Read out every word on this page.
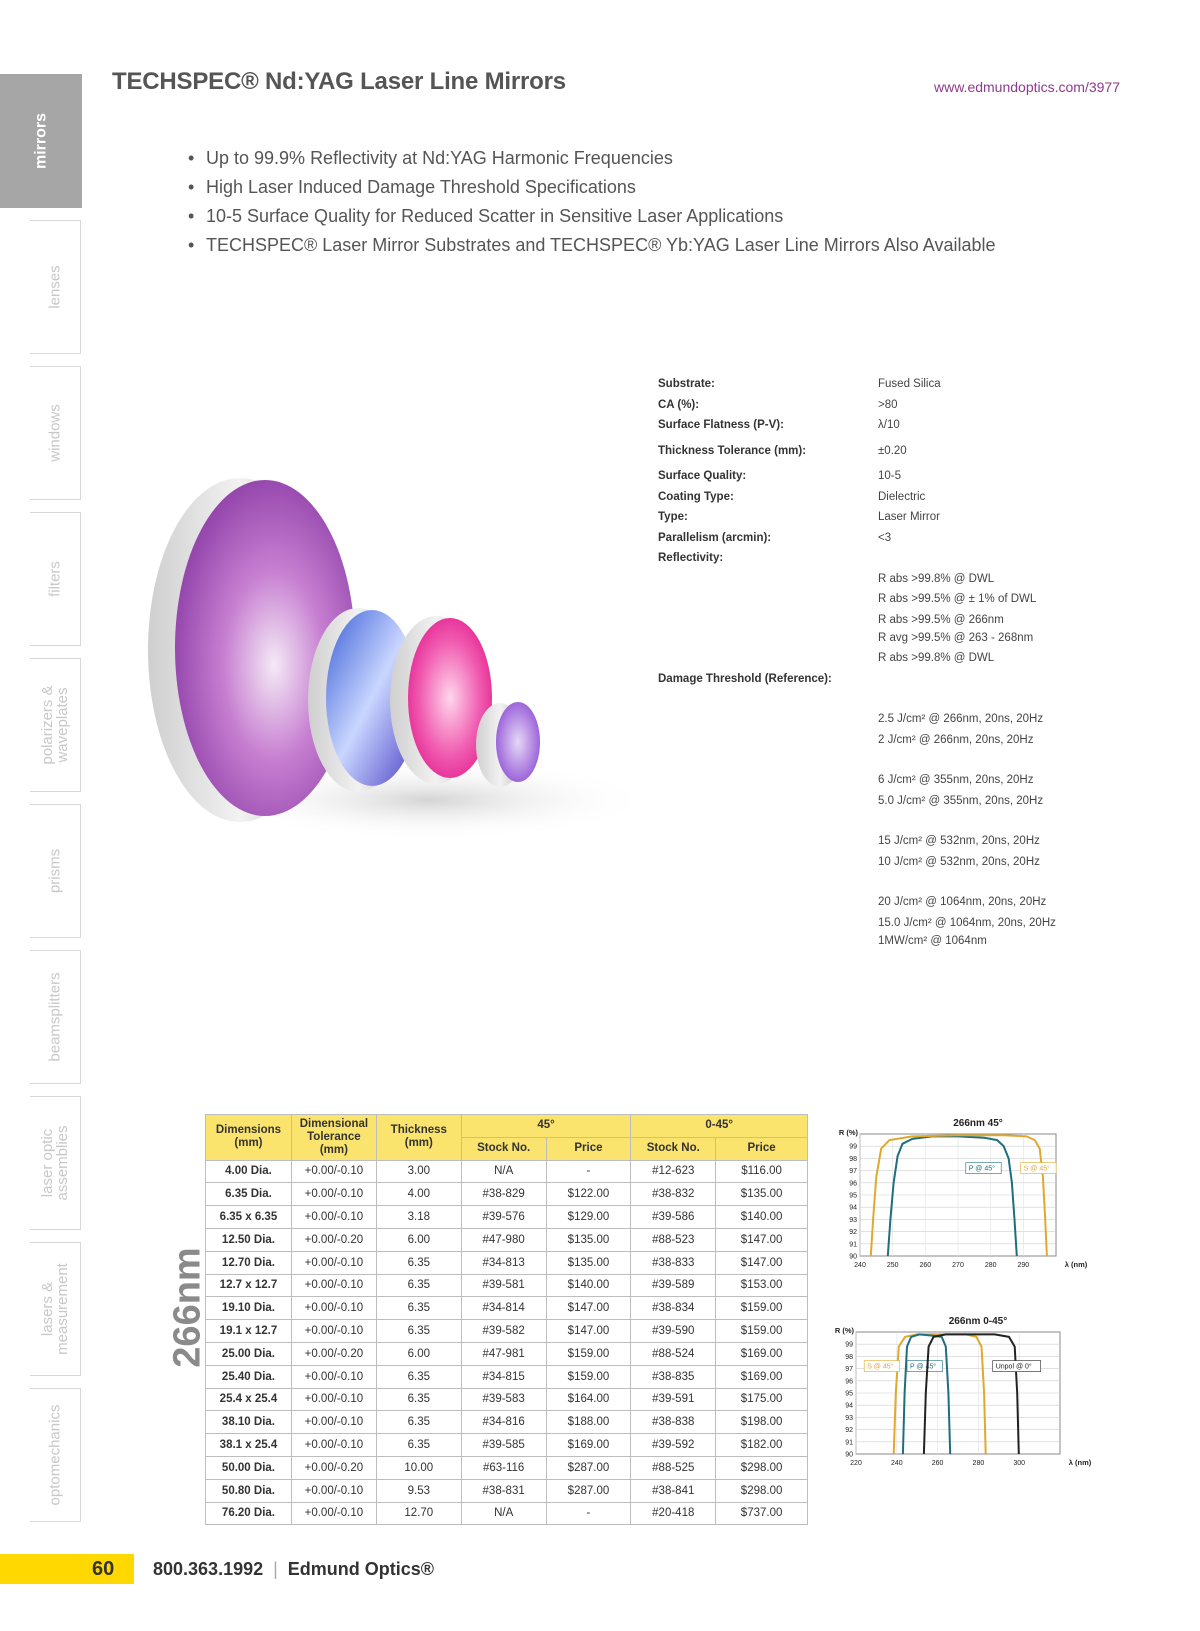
mirrors
lenses
windows
filters
polarizers & waveplates
prisms
beamsplitters
laser optic assemblies
lasers & measurement
optomechanics
TECHSPEC® Nd:YAG Laser Line Mirrors	www.edmundoptics.com/3977
• Up to 99.9% Reflectivity at Nd:YAG Harmonic Frequencies
• High Laser Induced Damage Threshold Specifications
• 10-5 Surface Quality for Reduced Scatter in Sensitive Laser Applications
• TECHSPEC® Laser Mirror Substrates and TECHSPEC® Yb:YAG Laser Line Mirrors Also Available
Substrate:	Fused Silica
CA (%):	>80
Surface Flatness (P-V):	λ/10
Thickness Tolerance (mm):	±0.20
Surface Quality:	10-5
Coating Type:	Dielectric
Type:	Laser Mirror
Parallelism (arcmin):	<3
Reflectivity:
R abs >99.8% @ DWL
R abs >99.5% @ ± 1% of DWL
R abs >99.5% @ 266nm
R avg >99.5% @ 263 - 268nm
R abs >99.8% @ DWL
Damage Threshold (Reference):
2.5 J/cm² @ 266nm, 20ns, 20Hz
2 J/cm² @ 266nm, 20ns, 20Hz
6 J/cm² @ 355nm, 20ns, 20Hz
5.0 J/cm² @ 355nm, 20ns, 20Hz
15 J/cm² @ 532nm, 20ns, 20Hz
10 J/cm² @ 532nm, 20ns, 20Hz
20 J/cm² @ 1064nm, 20ns, 20Hz
15.0 J/cm² @ 1064nm, 20ns, 20Hz
1MW/cm² @ 1064nm
266nm
Dimensions (mm)	Dimensional Tolerance (mm)	Thickness (mm)	45°		0-45°	
			Stock No.	Price	Stock No.	Price
4.00 Dia.	+0.00/-0.10	3.00	N/A	-	#12-623	$116.00
6.35 Dia.	+0.00/-0.10	4.00	#38-829	$122.00	#38-832	$135.00
6.35 x 6.35	+0.00/-0.10	3.18	#39-576	$129.00	#39-586	$140.00
12.50 Dia.	+0.00/-0.20	6.00	#47-980	$135.00	#88-523	$147.00
12.70 Dia.	+0.00/-0.10	6.35	#34-813	$135.00	#38-833	$147.00
12.7 x 12.7	+0.00/-0.10	6.35	#39-581	$140.00	#39-589	$153.00
19.10 Dia.	+0.00/-0.10	6.35	#34-814	$147.00	#38-834	$159.00
19.1 x 12.7	+0.00/-0.10	6.35	#39-582	$147.00	#39-590	$159.00
25.00 Dia.	+0.00/-0.20	6.00	#47-981	$159.00	#88-524	$169.00
25.40 Dia.	+0.00/-0.10	6.35	#34-815	$159.00	#38-835	$169.00
25.4 x 25.4	+0.00/-0.10	6.35	#39-583	$164.00	#39-591	$175.00
38.10 Dia.	+0.00/-0.10	6.35	#34-816	$188.00	#38-838	$198.00
38.1 x 25.4	+0.00/-0.10	6.35	#39-585	$169.00	#39-592	$182.00
50.00 Dia.	+0.00/-0.20	10.00	#63-116	$287.00	#88-525	$298.00
50.80 Dia.	+0.00/-0.10	9.53	#38-831	$287.00	#38-841	$298.00
76.20 Dia.	+0.00/-0.10	12.70	N/A	-	#20-418	$737.00
266nm 45°
R (%)
90
91
92
93
94
95
96
97
98
99
240	250	260	270	280	290	λ (nm)
P @ 45°	S @ 45°
266nm 0-45°
R (%)
90
91
92
93
94
95
96
97
98
99
220	240	260	280	300	λ (nm)
S @ 45° P @ 45°	Unpol @ 0°
60 800.363.1992 | Edmund Optics®
